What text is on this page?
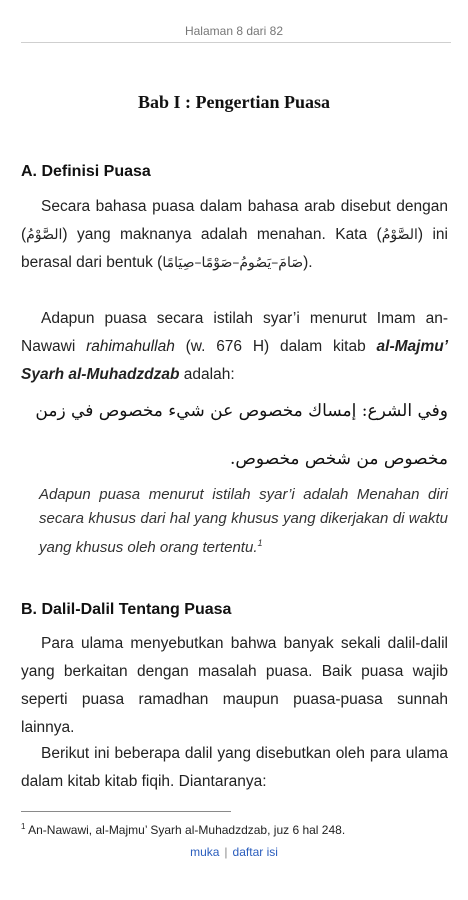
Halaman 8 dari 82
Bab I : Pengertian Puasa
A. Definisi Puasa
Secara bahasa puasa dalam bahasa arab disebut dengan (الصَّوْمُ) yang maknanya adalah menahan. Kata (الصَّوْمُ) ini berasal dari bentuk (صَامَ–يَصُومُ–صَوْمًا–صِيَامًا).
Adapun puasa secara istilah syar’i menurut Imam an-Nawawi rahimahullah (w. 676 H) dalam kitab al-Majmu’ Syarh al-Muhadzdzab adalah:
وفي الشرع: إمساك مخصوص عن شيء مخصوص في زمن مخصوص من شخص مخصوص.
Adapun puasa menurut istilah syar’i adalah Menahan diri secara khusus dari hal yang khusus yang dikerjakan di waktu yang khusus oleh orang tertentu.$^1$
B. Dalil-Dalil Tentang Puasa
Para ulama menyebutkan bahwa banyak sekali dalil-dalil yang berkaitan dengan masalah puasa. Baik puasa wajib seperti puasa ramadhan maupun puasa-puasa sunnah lainnya.
Berikut ini beberapa dalil yang disebutkan oleh para ulama dalam kitab kitab fiqih. Diantaranya:
$^1$ An-Nawawi, al-Majmu’ Syarh al-Muhadzdzab, juz 6 hal 248.
muka | daftar isi
